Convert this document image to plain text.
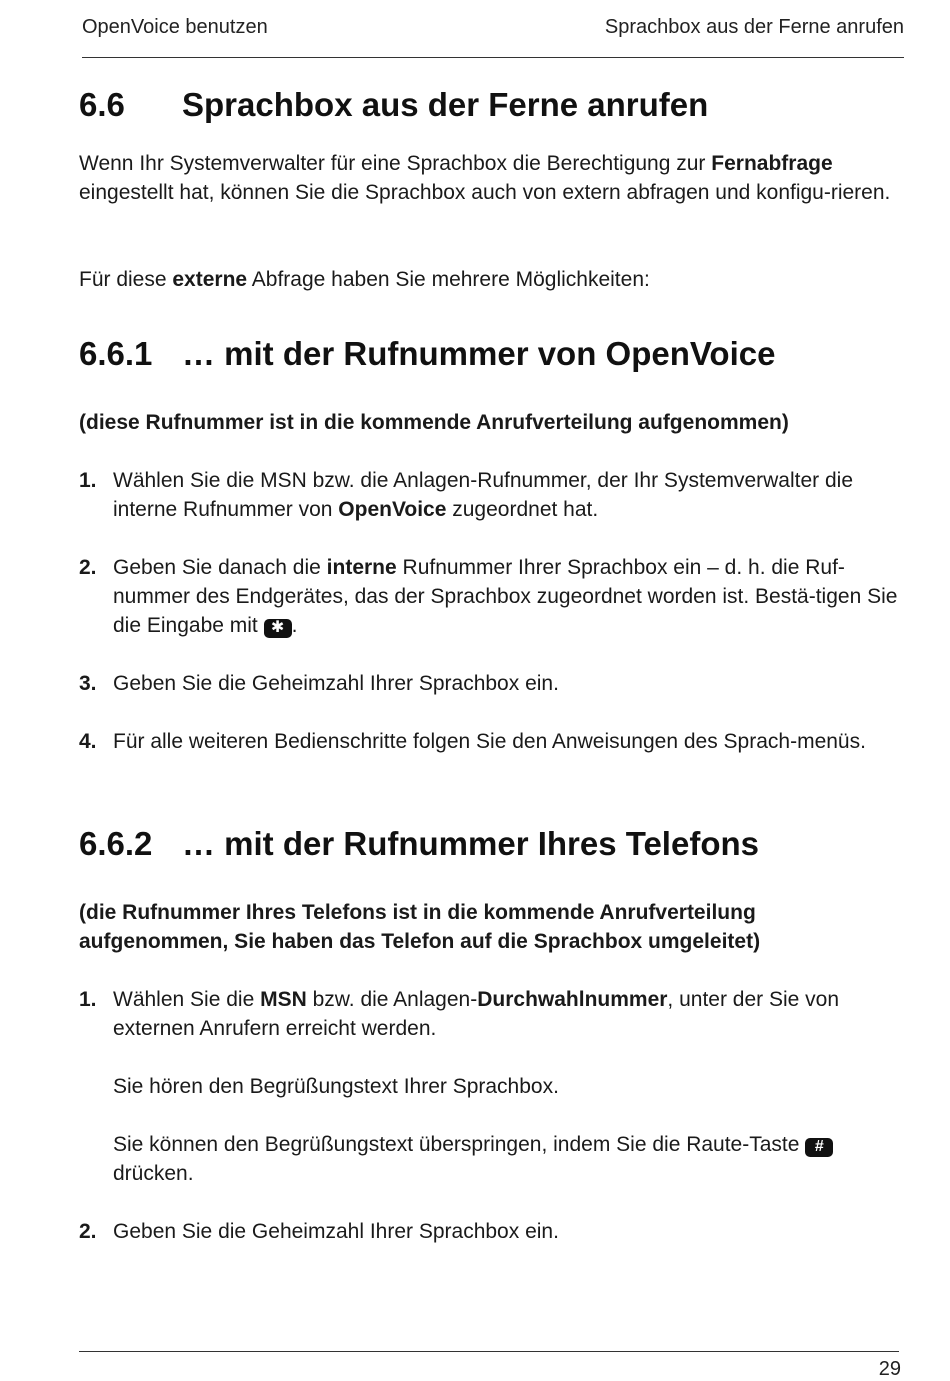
OpenVoice benutzen	Sprachbox aus der Ferne anrufen
6.6 Sprachbox aus der Ferne anrufen

Wenn Ihr Systemverwalter für eine Sprachbox die Berechtigung zur Fernabfrage eingestellt hat, können Sie die Sprachbox auch von extern abfragen und konfigu-rieren.

Für diese externe Abfrage haben Sie mehrere Möglichkeiten:

6.6.1 … mit der Rufnummer von OpenVoice

(diese Rufnummer ist in die kommende Anrufverteilung aufgenommen)

1. Wählen Sie die MSN bzw. die Anlagen-Rufnummer, der Ihr Systemverwalter die interne Rufnummer von OpenVoice zugeordnet hat.
2. Geben Sie danach die interne Rufnummer Ihrer Sprachbox ein – d. h. die Ruf-nummer des Endgerätes, das der Sprachbox zugeordnet worden ist. Bestä-tigen Sie die Eingabe mit ✱ .
3. Geben Sie die Geheimzahl Ihrer Sprachbox ein.
4. Für alle weiteren Bedienschritte folgen Sie den Anweisungen des Sprach-menüs.
6.6.2 … mit der Rufnummer Ihres Telefons

(die Rufnummer Ihres Telefons ist in die kommende Anrufverteilung aufgenommen, Sie haben das Telefon auf die Sprachbox umgeleitet)

1. Wählen Sie die MSN bzw. die Anlagen-Durchwahlnummer, unter der Sie von externen Anrufern erreicht werden.

Sie hören den Begrüßungstext Ihrer Sprachbox.

Sie können den Begrüßungstext überspringen, indem Sie die Raute-Taste # drücken.

2. Geben Sie die Geheimzahl Ihrer Sprachbox ein.
29
